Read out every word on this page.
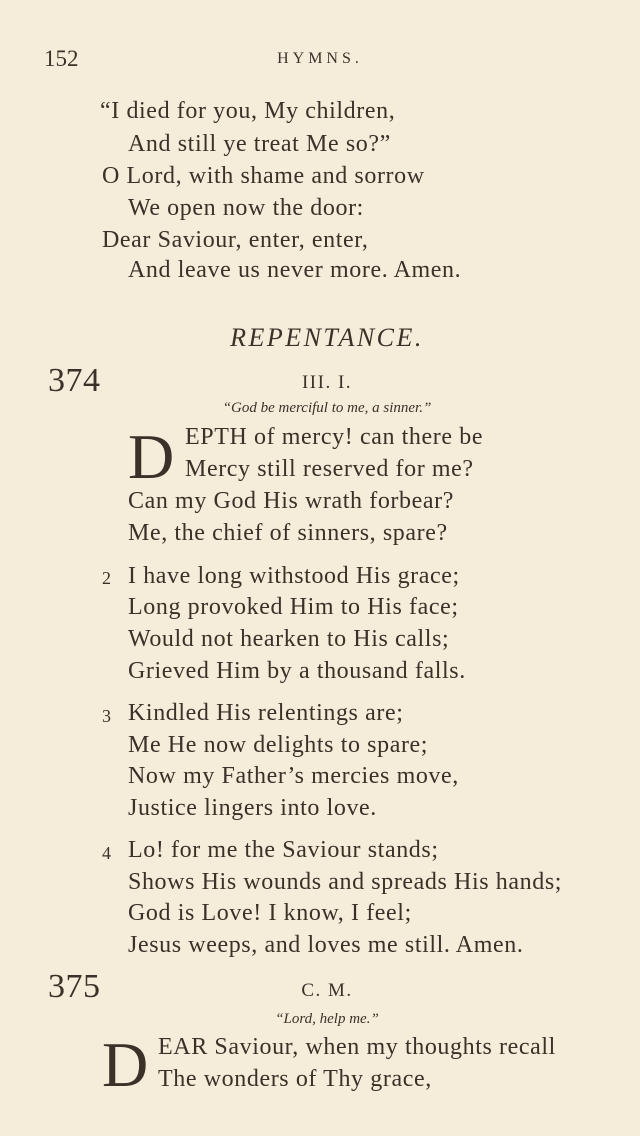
152	HYMNS.
“I died for you, My children,
And still ye treat Me so?”
O Lord, with shame and sorrow
We open now the door:
Dear Saviour, enter, enter,
And leave us never more. Amen.
REPENTANCE.
374	III. I.
“God be merciful to me, a sinner.”
D EPTH of mercy! can there be
Mercy still reserved for me?
Can my God His wrath forbear?
Me, the chief of sinners, spare?
2 I have long withstood His grace;
Long provoked Him to His face;
Would not hearken to His calls;
Grieved Him by a thousand falls.
3 Kindled His relentings are;
Me He now delights to spare;
Now my Father’s mercies move,
Justice lingers into love.
4 Lo! for me the Saviour stands;
Shows His wounds and spreads His hands;
God is Love! I know, I feel;
Jesus weeps, and loves me still. Amen.
375	C. M.
“Lord, help me.”
D EAR Saviour, when my thoughts recall
The wonders of Thy grace,
